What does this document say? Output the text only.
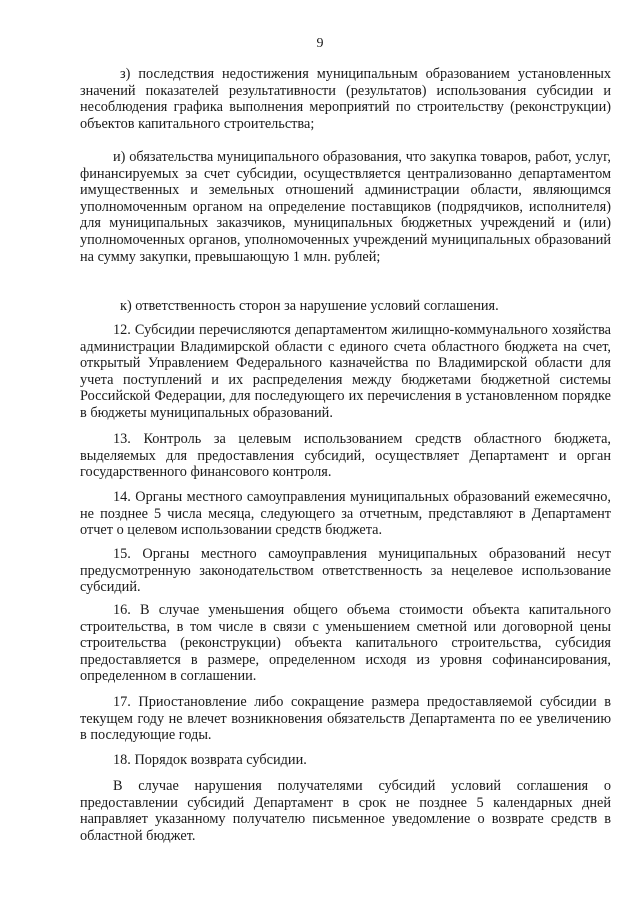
9

з) последствия недостижения муниципальным образованием установленных значений показателей результативности (результатов) использования субсидии и несоблюдения графика выполнения мероприятий по строительству (реконструкции) объектов капитального строительства;

и) обязательства муниципального образования, что закупка товаров, работ, услуг, финансируемых за счет субсидии, осуществляется централизованно департаментом имущественных и земельных отношений администрации области, являющимся уполномоченным органом на определение поставщиков (подрядчиков, исполнителя) для муниципальных заказчиков, муниципальных бюджетных учреждений и (или) уполномоченных органов, уполномоченных учреждений муниципальных образований на сумму закупки, превышающую 1 млн. рублей;

к) ответственность сторон за нарушение условий соглашения.

12. Субсидии перечисляются департаментом жилищно-коммунального хозяйства администрации Владимирской области с единого счета областного бюджета на счет, открытый Управлением Федерального казначейства по Владимирской области для учета поступлений и их распределения между бюджетами бюджетной системы Российской Федерации, для последующего их перечисления в установленном порядке в бюджеты муниципальных образований.

13. Контроль за целевым использованием средств областного бюджета, выделяемых для предоставления субсидий, осуществляет Департамент и орган государственного финансового контроля.

14. Органы местного самоуправления муниципальных образований ежемесячно, не позднее 5 числа месяца, следующего за отчетным, представляют в Департамент отчет о целевом использовании средств бюджета.

15. Органы местного самоуправления муниципальных образований несут предусмотренную законодательством ответственность за нецелевое использование субсидий.

16. В случае уменьшения общего объема стоимости объекта капитального строительства, в том числе в связи с уменьшением сметной или договорной цены строительства (реконструкции) объекта капитального строительства, субсидия предоставляется в размере, определенном исходя из уровня софинансирования, определенном в соглашении.

17. Приостановление либо сокращение размера предоставляемой субсидии в текущем году не влечет возникновения обязательств Департамента по ее увеличению в последующие годы.

18. Порядок возврата субсидии.

В случае нарушения получателями субсидий условий соглашения о предоставлении субсидий Департамент в срок не позднее 5 календарных дней направляет указанному получателю письменное уведомление о возврате средств в областной бюджет.
